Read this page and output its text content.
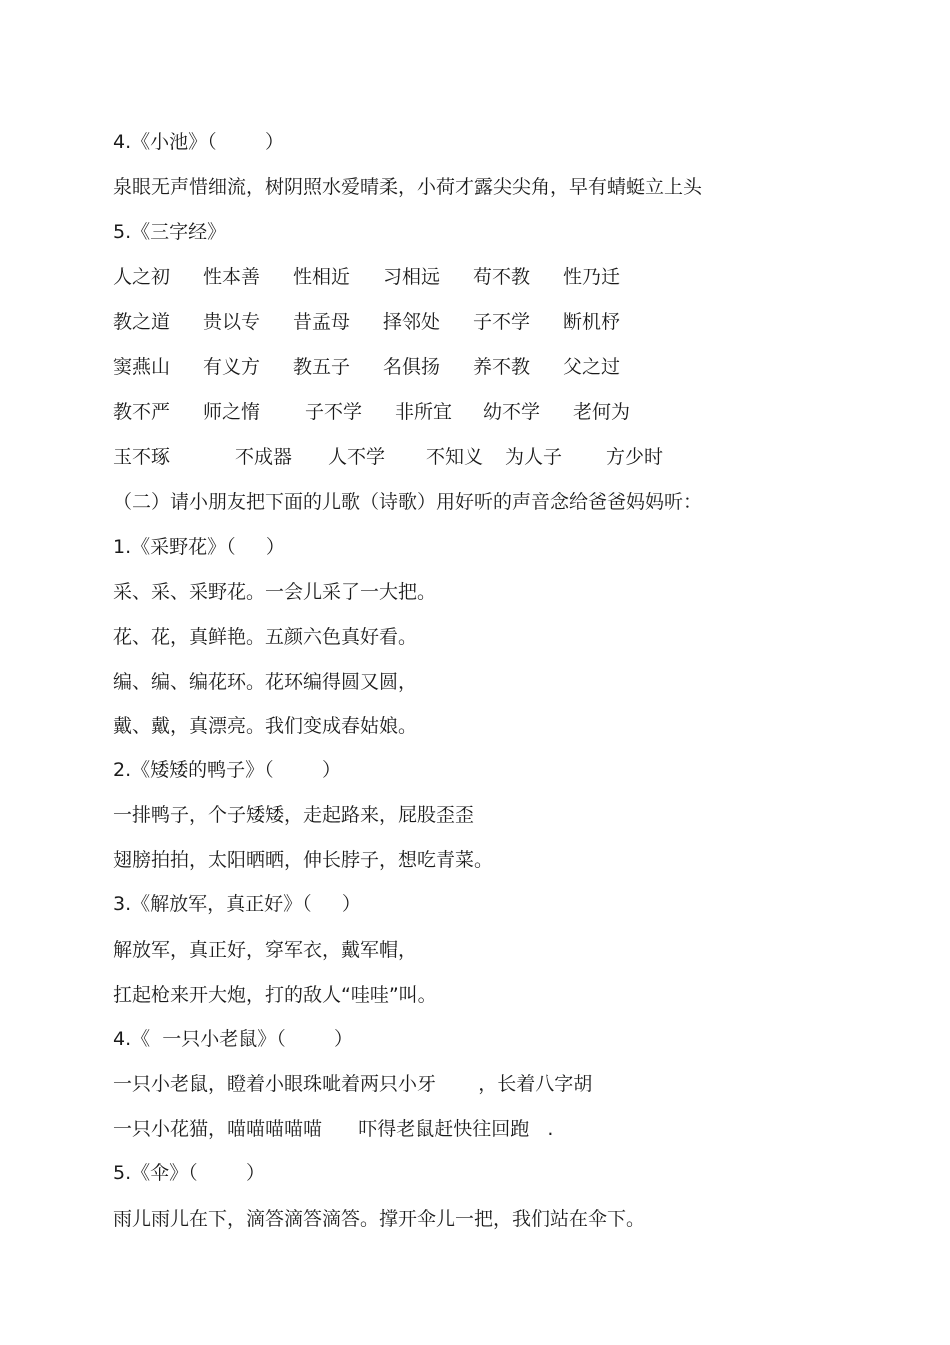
4.《小池》（        ）
泉眼无声惜细流，树阴照水爱晴柔，小荷才露尖尖角，早有蜻蜓立上头
5.《三字经》
人之初 性本善 性相近 习相远 苟不教 性乃迁
教之道 贵以专 昔孟母 择邻处 子不学 断机杼
窦燕山 有义方 教五子 名俱扬 养不教 父之过
教不严 师之惰 子不学 非所宜 幼不学 老何为
玉不琢	不成器 人不学 不知义 为人子 方少时
（二）请小朋友把下面的儿歌（诗歌）用好听的声音念给爸爸妈妈听：
1.《采野花》（     ）
采、采、采野花。一会儿采了一大把。
花、花，真鲜艳。五颜六色真好看。
编、编、编花环。花环编得圆又圆，
戴、戴，真漂亮。我们变成春姑娘。
2.《矮矮的鸭子》（        ）
一排鸭子，个子矮矮，走起路来，屁股歪歪
翅膀拍拍，太阳晒晒，伸长脖子，想吃青菜。
3.《解放军，真正好》（     ）
解放军，真正好，穿军衣，戴军帽，
扛起枪来开大炮，打的敌人“哇哇”叫。
4.《  一只小老鼠》（        ）
一只小老鼠，瞪着小眼珠呲着两只小牙       ，长着八字胡
一只小花猫，喵喵喵喵喵      吓得老鼠赶快往回跑   .
5.《伞》（        ）
雨儿雨儿在下，滴答滴答滴答。撑开伞儿一把，我们站在伞下。
